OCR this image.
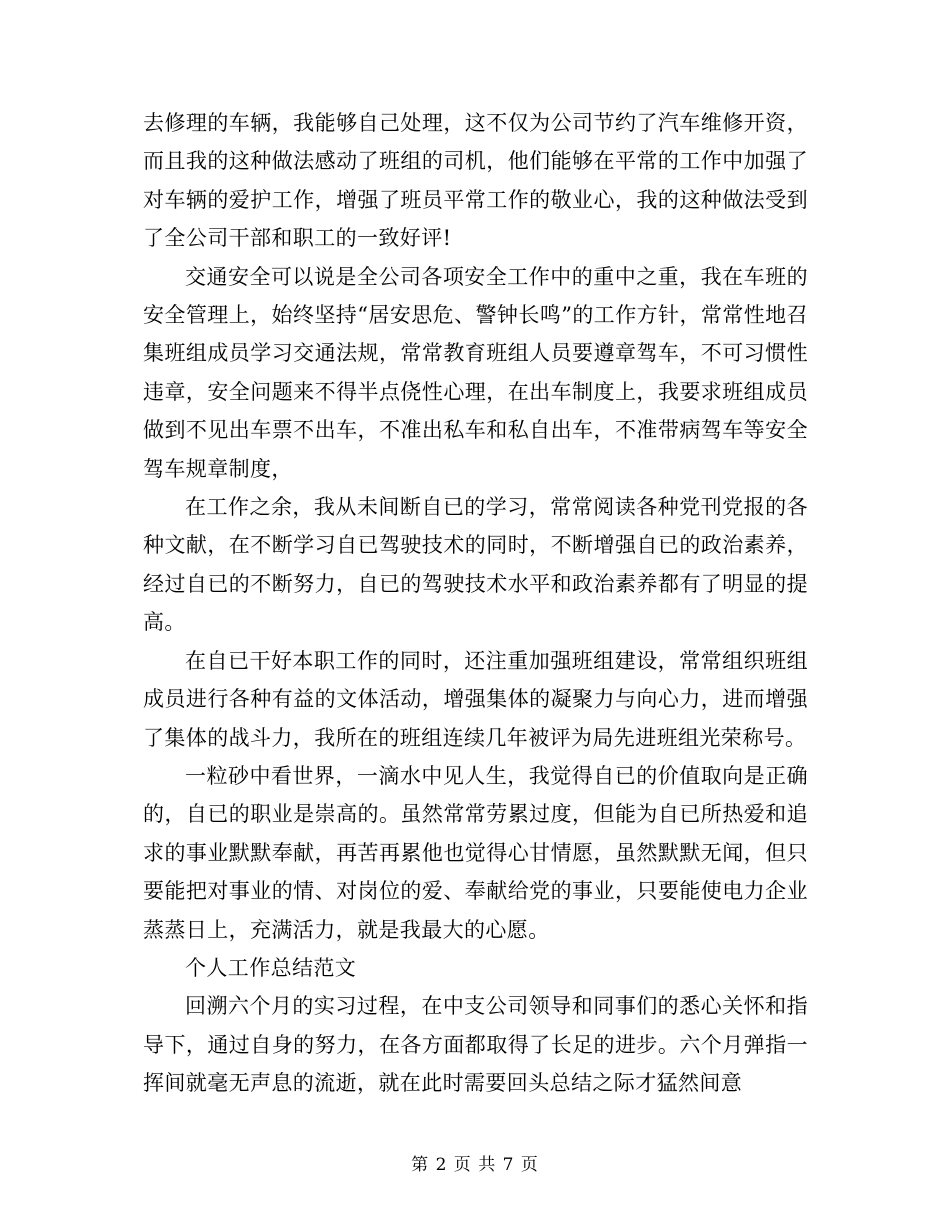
去修理的车辆，我能够自己处理，这不仅为公司节约了汽车维修开资，而且我的这种做法感动了班组的司机，他们能够在平常的工作中加强了对车辆的爱护工作，增强了班员平常工作的敬业心，我的这种做法受到了全公司干部和职工的一致好评!

交通安全可以说是全公司各项安全工作中的重中之重，我在车班的安全管理上，始终坚持“居安思危、警钟长鸣”的工作方针，常常性地召集班组成员学习交通法规，常常教育班组人员要遵章驾车，不可习惯性违章，安全问题来不得半点侥性心理，在出车制度上，我要求班组成员做到不见出车票不出车，不准出私车和私自出车，不准带病驾车等安全驾车规章制度，

在工作之余，我从未间断自已的学习，常常阅读各种党刊党报的各种文献，在不断学习自已驾驶技术的同时，不断增强自已的政治素养，经过自已的不断努力，自已的驾驶技术水平和政治素养都有了明显的提高。

在自已干好本职工作的同时，还注重加强班组建设，常常组织班组成员进行各种有益的文体活动，增强集体的凝聚力与向心力，进而增强了集体的战斗力，我所在的班组连续几年被评为局先进班组光荣称号。

一粒砂中看世界，一滴水中见人生，我觉得自已的价值取向是正确的，自已的职业是崇高的。虽然常常劳累过度，但能为自已所热爱和追求的事业默默奉献，再苦再累他也觉得心甘情愿，虽然默默无闻，但只要能把对事业的情、对岗位的爱、奉献给党的事业，只要能使电力企业蒸蒸日上，充满活力，就是我最大的心愿。

个人工作总结范文

回溯六个月的实习过程，在中支公司领导和同事们的悉心关怀和指导下，通过自身的努力，在各方面都取得了长足的进步。六个月弹指一挥间就毫无声息的流逝，就在此时需要回头总结之际才猛然间意

第 2 页 共 7 页
